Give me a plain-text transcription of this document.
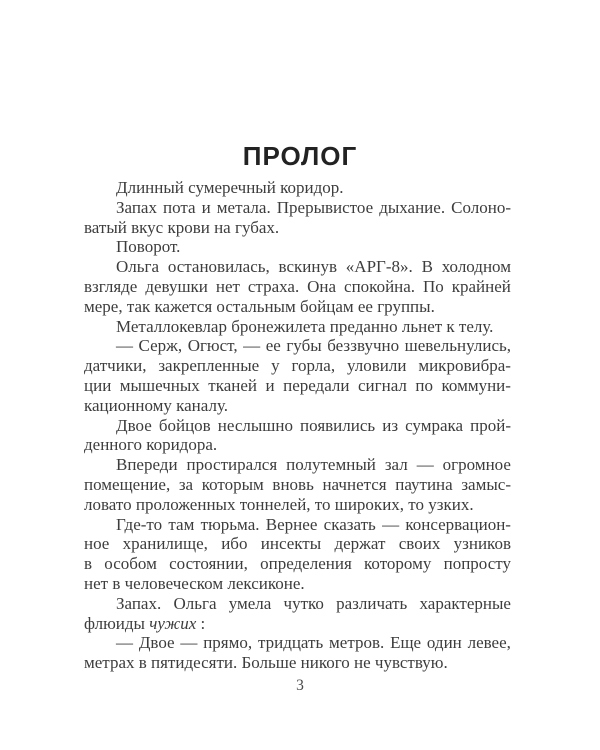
ПРОЛОГ
Длинный сумеречный коридор.
Запах пота и метала. Прерывистое дыхание. Солоно-
ватый вкус крови на губах.
Поворот.
Ольга остановилась, вскинув «АРГ-8». В холодном
взгляде девушки нет страха. Она спокойна. По крайней
мере, так кажется остальным бойцам ее группы.
Металлокевлар бронежилета преданно льнет к телу.
— Серж, Огюст, — ее губы беззвучно шевельнулись,
датчики, закрепленные у горла, уловили микровибра-
ции мышечных тканей и передали сигнал по коммуни-
кационному каналу.
Двое бойцов неслышно появились из сумрака прой-
денного коридора.
Впереди простирался полутемный зал — огромное
помещение, за которым вновь начнется паутина замыс-
ловато проложенных тоннелей, то широких, то узких.
Где-то там тюрьма. Вернее сказать — консервацион-
ное хранилище, ибо инсекты держат своих узников
в особом состоянии, определения которому попросту
нет в человеческом лексиконе.
Запах. Ольга умела чутко различать характерные
флюиды чужих :
— Двое — прямо, тридцать метров. Еще один левее,
метрах в пятидесяти. Больше никого не чувствую.
3
